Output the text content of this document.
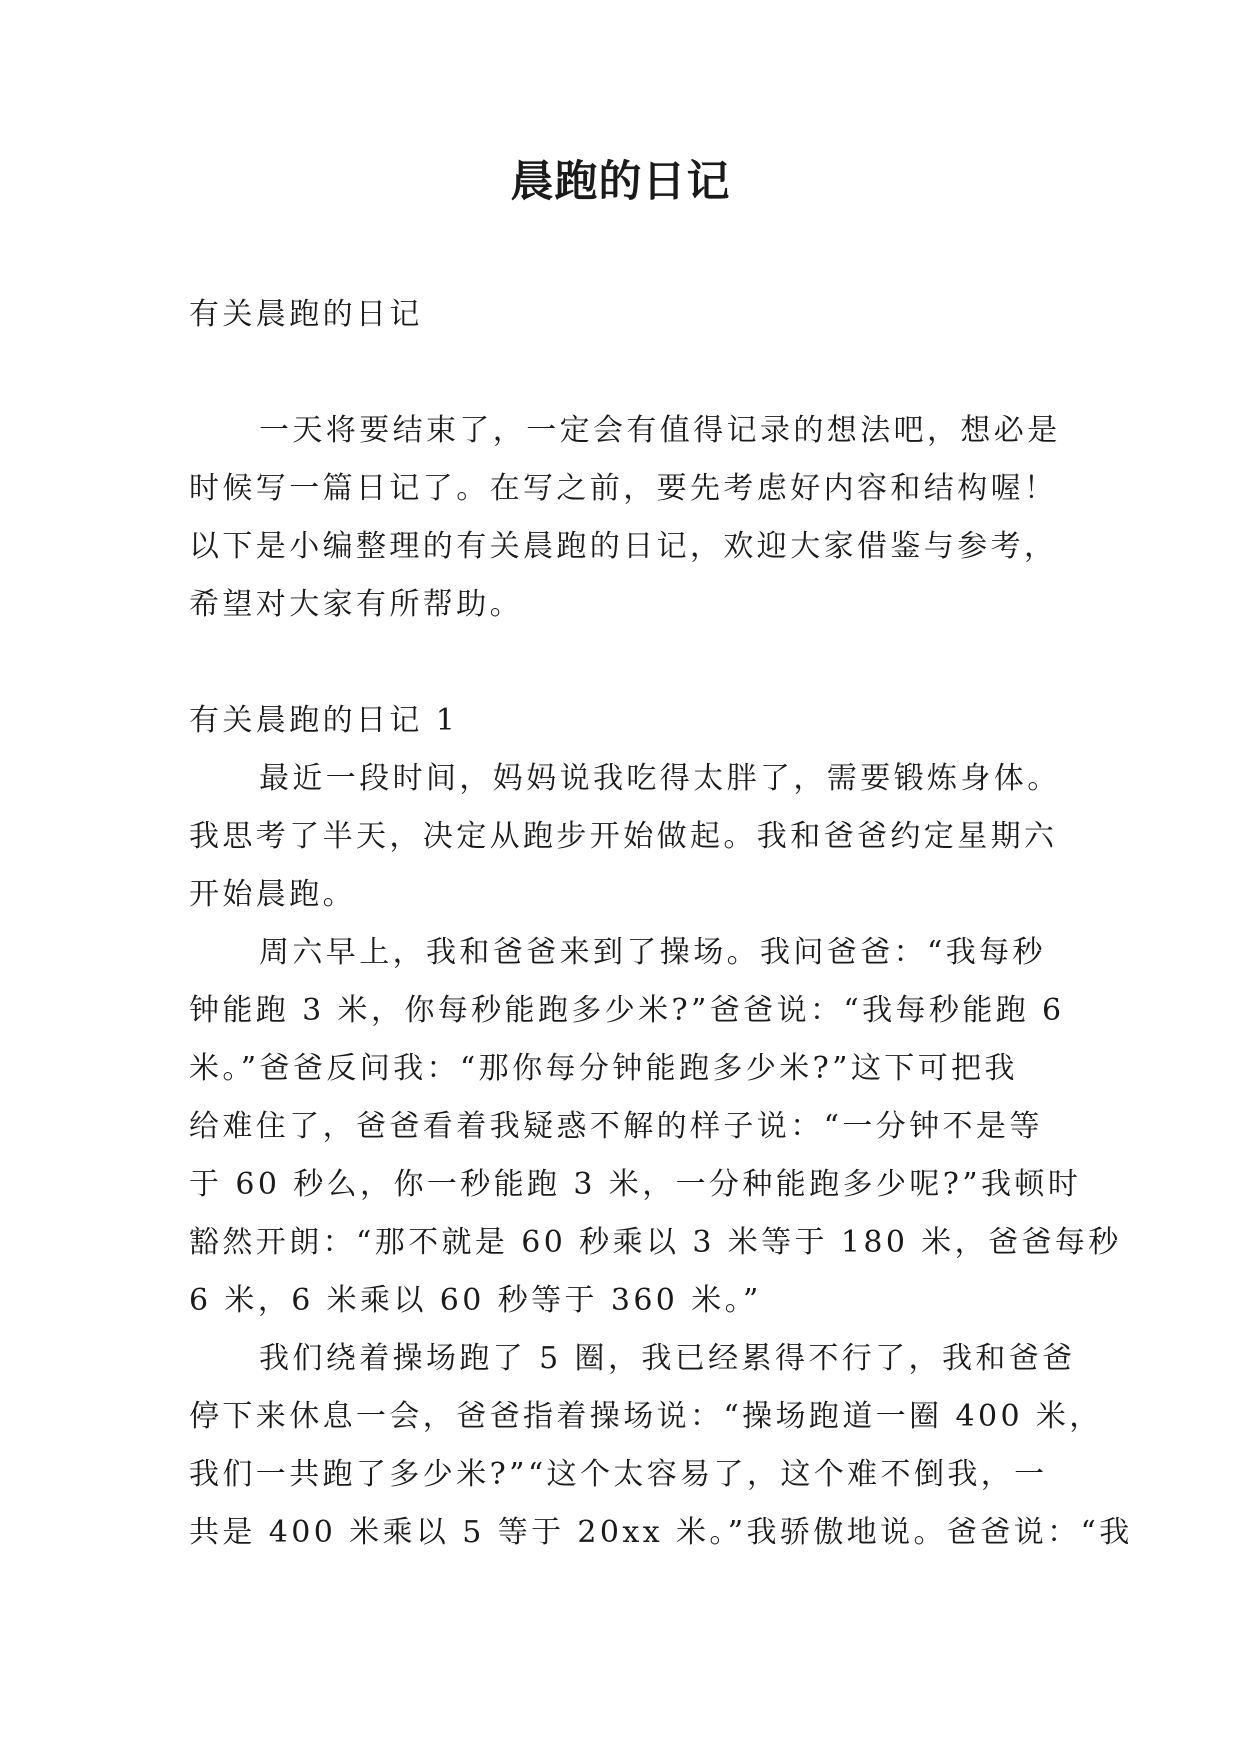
晨跑的日记
有关晨跑的日记
一天将要结束了，一定会有值得记录的想法吧，想必是
时候写一篇日记了。在写之前，要先考虑好内容和结构喔！
以下是小编整理的有关晨跑的日记，欢迎大家借鉴与参考，
希望对大家有所帮助。
有关晨跑的日记 1
最近一段时间，妈妈说我吃得太胖了，需要锻炼身体。
我思考了半天，决定从跑步开始做起。我和爸爸约定星期六
开始晨跑。
周六早上，我和爸爸来到了操场。我问爸爸：“我每秒
钟能跑 3 米，你每秒能跑多少米?”爸爸说：“我每秒能跑 6
米。”爸爸反问我：“那你每分钟能跑多少米?”这下可把我
给难住了，爸爸看着我疑惑不解的样子说：“一分钟不是等
于 60 秒么，你一秒能跑 3 米，一分种能跑多少呢?”我顿时
豁然开朗：“那不就是 60 秒乘以 3 米等于 180 米，爸爸每秒
6 米，6 米乘以 60 秒等于 360 米。”
我们绕着操场跑了 5 圈，我已经累得不行了，我和爸爸
停下来休息一会，爸爸指着操场说：“操场跑道一圈 400 米，
我们一共跑了多少米?”“这个太容易了，这个难不倒我，一
共是 400 米乘以 5 等于 20xx 米。”我骄傲地说。爸爸说：“我
